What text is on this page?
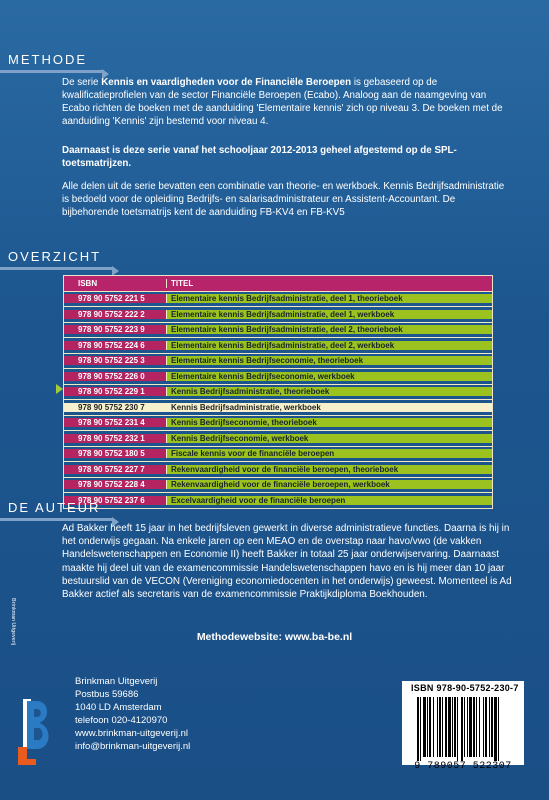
METHODE

De serie Kennis en vaardigheden voor de Financiële Beroepen is gebaseerd op de kwalificatieprofielen van de sector Financiële Beroepen (Ecabo). Analoog aan de naamgeving van Ecabo richten de boeken met de aanduiding 'Elementaire kennis' zich op niveau 3. De boeken met de aanduiding 'Kennis' zijn bestemd voor niveau 4.

Daarnaast is deze serie vanaf het schooljaar 2012-2013 geheel afgestemd op de SPL-toetsmatrijzen.

Alle delen uit de serie bevatten een combinatie van theorie- en werkboek. Kennis Bedrijfsadministratie is bedoeld voor de opleiding Bedrijfs- en salarisadministrateur en Assistent-Accountant. De bijbehorende toetsmatrijs kent de aanduiding FB-KV4 en FB-KV5

OVERZICHT
ISBN	TITEL
978 90 5752 221 5	Elementaire kennis Bedrijfsadministratie, deel 1, theorieboek
978 90 5752 222 2	Elementaire kennis Bedrijfsadministratie, deel 1, werkboek
978 90 5752 223 9	Elementaire kennis Bedrijfsadministratie, deel 2, theorieboek
978 90 5752 224 6	Elementaire kennis Bedrijfsadministratie, deel 2, werkboek
978 90 5752 225 3	Elementaire kennis Bedrijfseconomie, theorieboek
978 90 5752 226 0	Elementaire kennis Bedrijfseconomie, werkboek
978 90 5752 229 1	Kennis Bedrijfsadministratie, theorieboek
978 90 5752 230 7	Kennis Bedrijfsadministratie, werkboek
978 90 5752 231 4	Kennis Bedrijfseconomie, theorieboek
978 90 5752 232 1	Kennis Bedrijfseconomie, werkboek
978 90 5752 180 5	Fiscale kennis voor de financiële beroepen
978 90 5752 227 7	Rekenvaardigheid voor de financiële beroepen, theorieboek
978 90 5752 228 4	Rekenvaardigheid voor de financiële beroepen, werkboek
978 90 5752 237 6	Excelvaardigheid voor de financiële beroepen
DE AUTEUR

Ad Bakker heeft 15 jaar in het bedrijfsleven gewerkt in diverse administratieve functies. Daarna is hij in het onderwijs gegaan. Na enkele jaren op een MEAO en de overstap naar havo/vwo (de vakken Handelswetenschappen en Economie II) heeft Bakker in totaal 25 jaar onderwijservaring. Daarnaast maakte hij deel uit van de examencommissie Handelswetenschappen havo en is hij meer dan 10 jaar bestuurslid van de VECON (Vereniging economiedocenten in het onderwijs) geweest. Momenteel is Ad Bakker actief als secretaris van de examencommissie Praktijkdiploma Boekhouden.

Methodewebsite: www.ba-be.nl
Brinkman Uitgeverij
Postbus 59686
1040 LD Amsterdam
telefoon 020-4120970
www.brinkman-uitgeverij.nl
info@brinkman-uitgeverij.nl
Brinkman Uitgeverij
ISBN 978-90-5752-230-7
9 789057 522307
